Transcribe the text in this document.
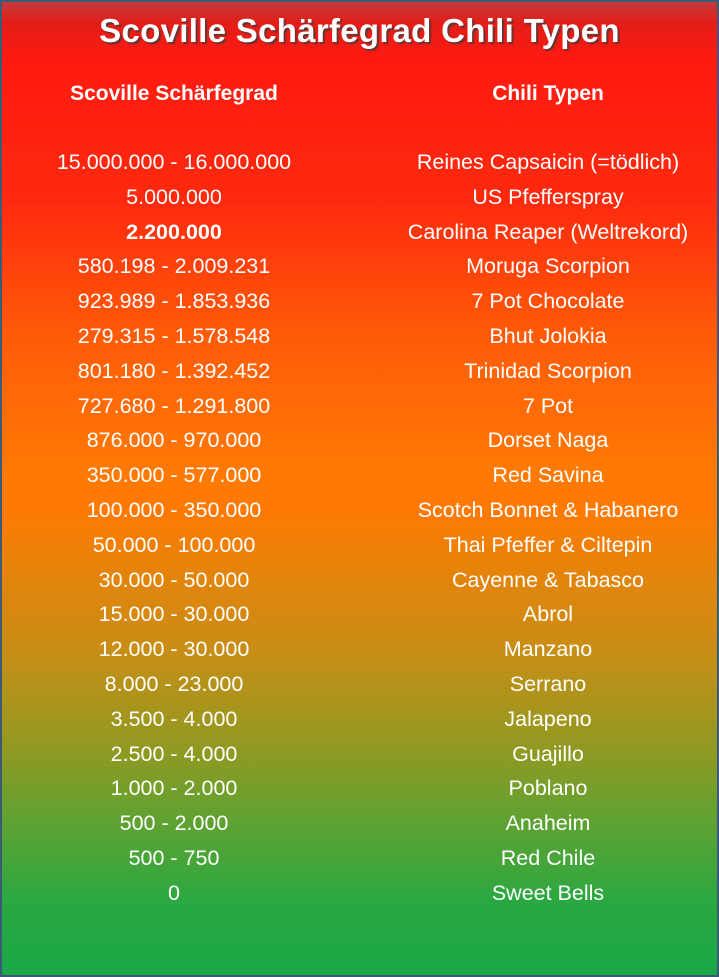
Scoville Schärfegrad Chili Typen
Scoville Schärfegrad	Chili Typen
15.000.000 - 16.000.000	Reines Capsaicin (=tödlich)
5.000.000	US Pfefferspray
2.200.000	Carolina Reaper (Weltrekord)
580.198 - 2.009.231	Moruga Scorpion
923.989 - 1.853.936	7 Pot Chocolate
279.315 - 1.578.548	Bhut Jolokia
801.180 - 1.392.452	Trinidad Scorpion
727.680 - 1.291.800	7 Pot
876.000 - 970.000	Dorset Naga
350.000 - 577.000	Red Savina
100.000 - 350.000	Scotch Bonnet & Habanero
50.000 - 100.000	Thai Pfeffer & Ciltepin
30.000 - 50.000	Cayenne & Tabasco
15.000 - 30.000	Abrol
12.000 - 30.000	Manzano
8.000 - 23.000	Serrano
3.500 - 4.000	Jalapeno
2.500 - 4.000	Guajillo
1.000 - 2.000	Poblano
500 - 2.000	Anaheim
500 - 750	Red Chile
0	Sweet Bells
